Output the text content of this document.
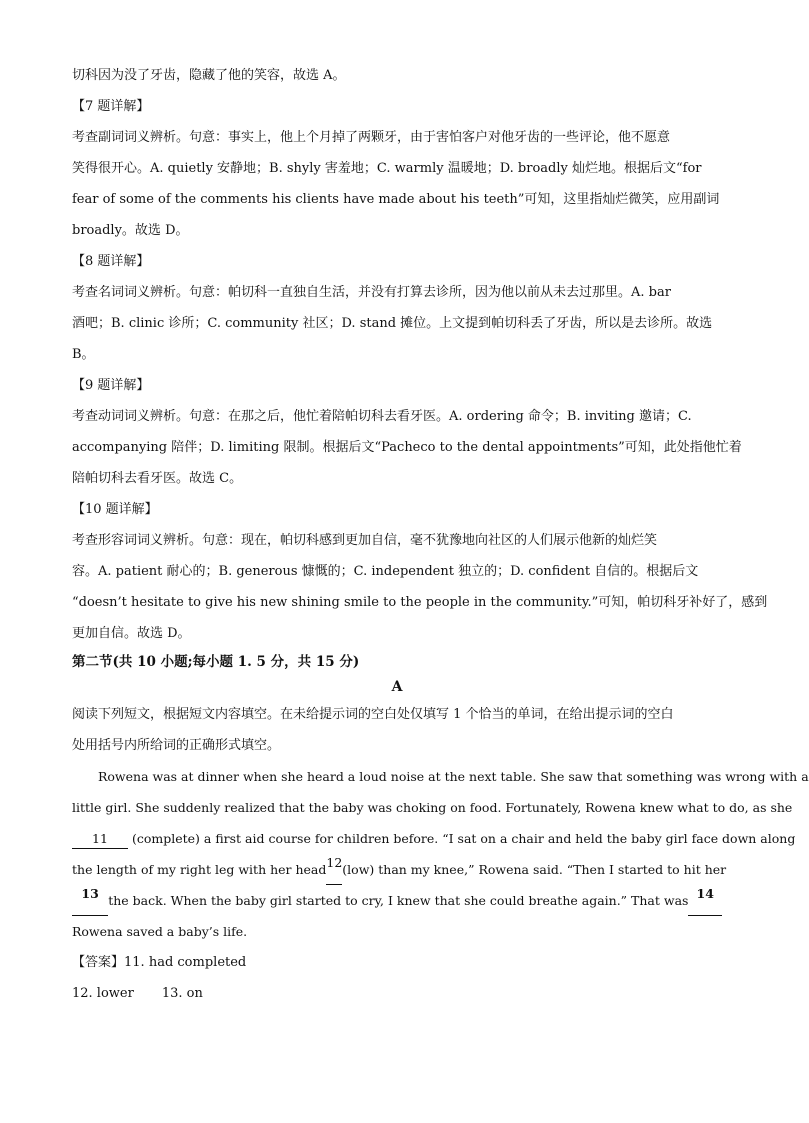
切科因为没了牙齿，隐藏了他的笑容，故选 A。
【7 题详解】
考查副词词义辨析。句意：事实上，他上个月掉了两颗牙，由于害怕客户对他牙齿的一些评论，他不愿意
笑得很开心。A. quietly 安静地；B. shyly 害羞地；C. warmly 温暖地；D. broadly 灿烂地。根据后文“for
fear of some of the comments his clients have made about his teeth”可知，这里指灿烂微笑，应用副词
broadly。故选 D。
【8 题详解】
考查名词词义辨析。句意：帕切科一直独自生活，并没有打算去诊所，因为他以前从未去过那里。A. bar
酒吧；B. clinic 诊所；C. community 社区；D. stand 摊位。上文提到帕切科丢了牙齿，所以是去诊所。故选
B。
【9 题详解】
考查动词词义辨析。句意：在那之后，他忙着陪帕切科去看牙医。A. ordering 命令；B. inviting 邀请；C.
accompanying 陪伴；D. limiting 限制。根据后文“Pacheco to the dental appointments”可知，此处指他忙着
陪帕切科去看牙医。故选 C。
【10 题详解】
考查形容词词义辨析。句意：现在，帕切科感到更加自信，毫不犹豫地向社区的人们展示他新的灿烂笑
容。A. patient 耐心的；B. generous 慷慨的；C. independent 独立的；D. confident 自信的。根据后文
“doesn’t hesitate to give his new shining smile to the people in the community.”可知，帕切科牙补好了，感到
更加自信。故选 D。
第二节(共 10 小题;每小题 1. 5 分，共 15 分)
A
阅读下列短文，根据短文内容填空。在未给提示词的空白处仅填写 1 个恰当的单词，在给出提示词的空白
处用括号内所给词的正确形式填空。
Rowena was at dinner when she heard a loud noise at the next table. She saw that something was wrong with a
little girl. She suddenly realized that the baby was choking on food. Fortunately, Rowena knew what to do, as she
11 (complete) a first aid course for children before. “I sat on a chair and held the baby girl face down along
the length of my right leg with her head 12 (low) than my knee,” Rowena said. “Then I started to hit her
13 the back. When the baby girl started to cry, I knew that she could breathe again.” That was 14
Rowena saved a baby’s life.
【答案】11. had completed
12. lower 13. on
